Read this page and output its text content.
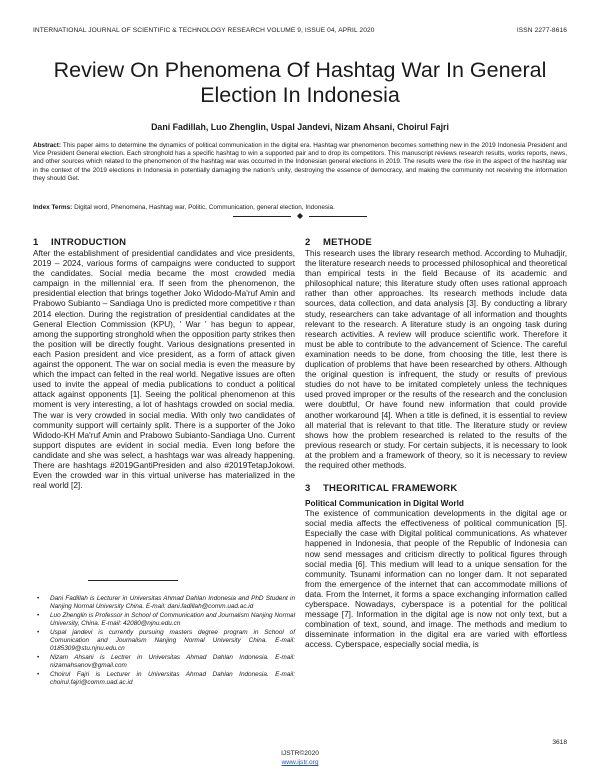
INTERNATIONAL JOURNAL OF SCIENTIFIC & TECHNOLOGY RESEARCH VOLUME 9, ISSUE 04, APRIL 2020	ISSN 2277-8616
Review On Phenomena Of Hashtag War In General Election In Indonesia
Dani Fadillah, Luo Zhenglin, Uspal Jandevi, Nizam Ahsani, Choirul Fajri
Abstract: This paper aims to determine the dynamics of political communication in the digital era. Hashtag war phenomenon becomes something new in the 2019 Indonesia President and Vice President General election. Each stronghold has a specific hashtag to win a supported pair and to drop its competitors. This manuscript reviews research results, works reports, news, and other sources which related to the phenomenon of the hashtag war was occurred in the Indonesian general elections in 2019. The results were the rise in the aspect of the hashtag war in the context of the 2019 elections in Indonesia in potentially damaging the nation's unity, destroying the essence of democracy, and making the community not receiving the information they should Get.
Index Terms: Digital word, Phenomena, Hashtag war, Politic, Communication, general election, Indonesia.
1 INTRODUCTION

After the establishment of presidential candidates and vice presidents, 2019 – 2024, various forms of campaigns were conducted to support the candidates. Social media became the most crowded media campaign in the millennial era. If seen from the phenomenon, the presidential election that brings together Joko Widodo-Ma'ruf Amin and Prabowo Subianto – Sandiaga Uno is predicted more competitive r than 2014 election. During the registration of presidential candidates at the General Election Commission (KPU), ' War ' has begun to appear, among the supporting stronghold when the opposition party strikes then the position will be directly fought. Various designations presented in each Pasion president and vice president, as a form of attack given against the opponent. The war on social media is even the measure by which the impact can felted in the real world. Negative issues are often used to invite the appeal of media publications to conduct a political attack against opponents [1]. Seeing the political phenomenon at this moment is very interesting, a lot of hashtags crowded on social media. The war is very crowded in social media. With only two candidates of community support will certainly split. There is a supporter of the Joko Widodo-KH Ma'ruf Amin and Prabowo Subianto-Sandiaga Uno. Current support disputes are evident in social media. Even long before the candidate and she was select, a hashtags war was already happening. There are hashtags #2019GantiPresiden and also #2019TetapJokowi. Even the crowded war in this virtual universe has materialized in the real world [2].

• Dani Fadillah is Lecturer in Universitas Ahmad Dahlan Indonesia and PhD Student in Nanjing Normal University China. E-mail: dani.fadillah@comm.uad.ac.id
• Luo Zhenglin is Professor in School of Communication and Journalism Nanjing Normal University, China. E-mail: 42080@njnu.edu.cn
• Uspal jandevi is currently pursuing masters degree program in School of Comunication and Journalism Nanjing Normal University China. E-mail: 0185309@stu.njnu.edu.cn
• Nizam Ahsani is Lectrer in Universitas Ahmad Dahlan Indonesia. E-mail: nizamahsanov@gmail.com
• Choirul Fajri is Lecturer in Universitas Ahmad Dahlan Indonesia. E-mail: choirul.fajri@comm.uad.ac.id
2 METHODE

This research uses the library research method. According to Muhadjir, the literature research needs to processed philosophical and theoretical than empirical tests in the field Because of its academic and philosophical nature; this literature study often uses rational approach rather than other approaches. Its research methods include data sources, data collection, and data analysis [3]. By conducting a library study, researchers can take advantage of all information and thoughts relevant to the research. A literature study is an ongoing task during research activities. A review will produce scientific work. Therefore it must be able to contribute to the advancement of Science. The careful examination needs to be done, from choosing the title, lest there is duplication of problems that have been researched by others. Although the original question is infrequent, the study or results of previous studies do not have to be imitated completely unless the techniques used proved improper or the results of the research and the conclusion were doubtful, Or have found new information that could provide another workaround [4]. When a title is defined, it is essential to review all material that is relevant to that title. The literature study or review shows how the problem researched is related to the results of the previous research or study. For certain subjects, it is necessary to look at the problem and a framework of theory, so it is necessary to review the required other methods.

3 THEORITICAL FRAMEWORK
Political Communication in Digital World

The existence of communication developments in the digital age or social media affects the effectiveness of political communication [5]. Especially the case with Digital political communications. As whatever happened in Indonesia, that people of the Republic of Indonesia can now send messages and criticism directly to political figures through social media [6]. This medium will lead to a unique sensation for the community. Tsunami information can no longer dam. It not separated from the emergence of the internet that can accommodate millions of data. From the Internet, it forms a space exchanging information called cyberspace. Nowadays, cyberspace is a potential for the political message [7]. Information in the digital age is now not only text, but a combination of text, sound, and image. The methods and medium to disseminate information in the digital era are varied with effortless access. Cyberspace, especially social media, is

3618
IJSTR©2020
www.ijstr.org
